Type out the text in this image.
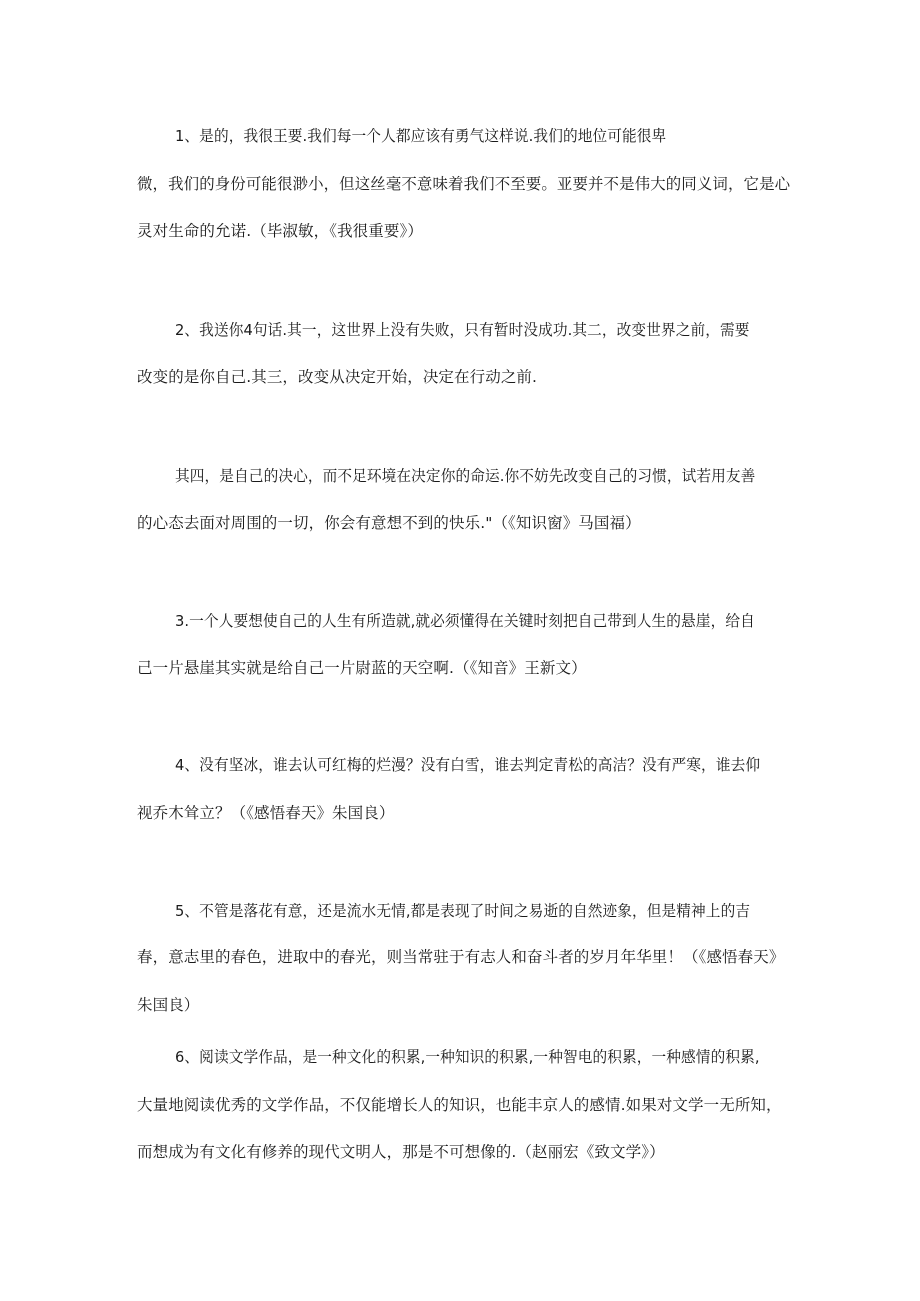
1、是的，我很王要.我们每一个人都应该有勇气这样说.我们的地位可能很卑
微，我们的身份可能很渺小，但这丝毫不意味着我们不至要。亚要并不是伟大的同义词，它是心
灵对生命的允诺.（毕淑敏，《我很重要》）
2、我送你4句话.其一，这世界上没有失败，只有暂时没成功.其二，改变世界之前，需要
改变的是你自己.其三，改变从决定开始，决定在行动之前.
其四，是自己的决心，而不足环境在决定你的命运.你不妨先改变自己的习惯，试若用友善
的心态去面对周围的一切，你会有意想不到的快乐."（《知识窗》马国福）
3.一个人要想使自己的人生有所造就,就必须懂得在关键时刻把自己带到人生的悬崖，给自
己一片悬崖其实就是给自己一片尉蓝的天空啊.（《知音》王新文）
4、没有坚冰，谁去认可红梅的烂漫？没有白雪，谁去判定青松的高洁？没有严寒，谁去仰
视乔木耸立？（《感悟春天》朱国良）
5、不管是落花有意，还是流水无情,都是表现了时间之易逝的自然迹象，但是精神上的吉
春，意志里的春色，进取中的春光，则当常驻于有志人和奋斗者的岁月年华里！（《感悟春天》
朱国良）
6、阅读文学作品，是一种文化的积累,一种知识的积累,一种智电的积累，一种感情的积累,
大量地阅读优秀的文学作品，不仅能增长人的知识，也能丰京人的感情.如果对文学一无所知，
而想成为有文化有修养的现代文明人，那是不可想像的.（赵丽宏《致文学》）
